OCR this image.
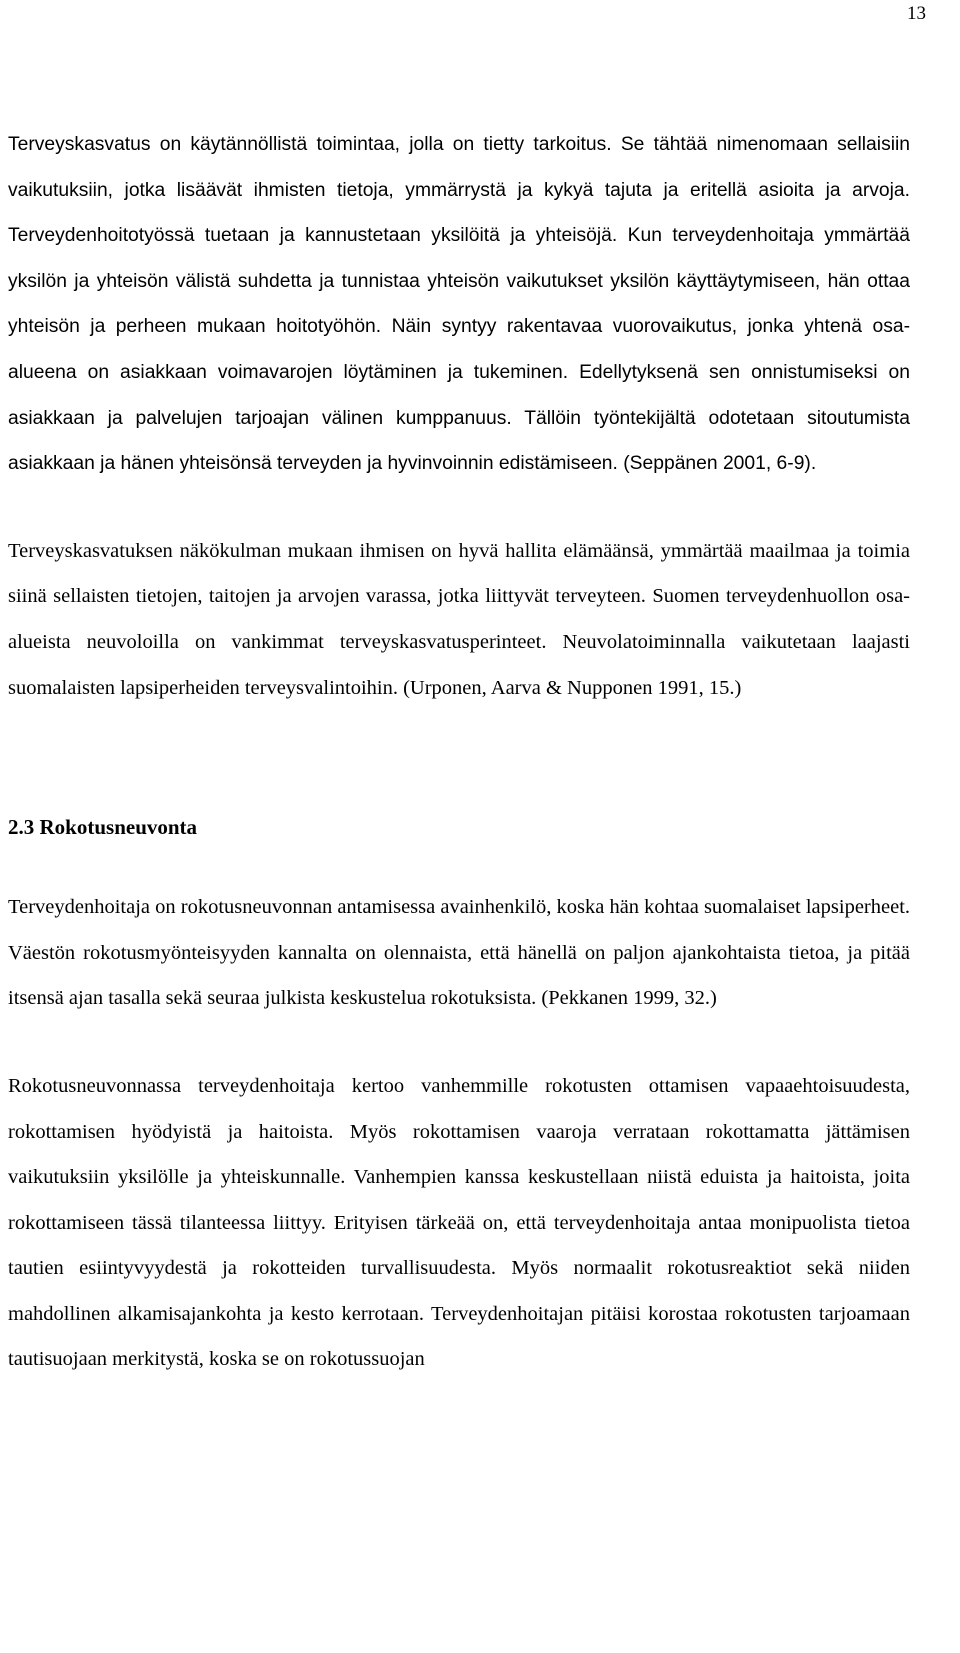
13

Terveyskasvatus on käytännöllistä toimintaa, jolla on tietty tarkoitus. Se tähtää nimenomaan sellaisiin vaikutuksiin, jotka lisäävät ihmisten tietoja, ymmärrystä ja kykyä tajuta ja eritellä asioita ja arvoja. Terveydenhoitotyössä tuetaan ja kannustetaan yksilöitä ja yhteisöjä. Kun terveydenhoitaja ymmärtää yksilön ja yhteisön välistä suhdetta ja tunnistaa yhteisön vaikutukset yksilön käyttäytymiseen, hän ottaa yhteisön ja perheen mukaan hoitotyöhön. Näin syntyy rakentavaa vuorovaikutus, jonka yhtenä osa-alueena on asiakkaan voimavarojen löytäminen ja tukeminen. Edellytyksenä sen onnistumiseksi on asiakkaan ja palvelujen tarjoajan välinen kumppanuus. Tällöin työntekijältä odotetaan sitoutumista asiakkaan ja hänen yhteisönsä terveyden ja hyvinvoinnin edistämiseen. (Seppänen 2001, 6-9).

Terveyskasvatuksen näkökulman mukaan ihmisen on hyvä hallita elämäänsä, ymmärtää maailmaa ja toimia siinä sellaisten tietojen, taitojen ja arvojen varassa, jotka liittyvät terveyteen. Suomen terveydenhuollon osa- alueista neuvoloilla on vankimmat terveyskasvatusperinteet. Neuvolatoiminnalla vaikutetaan laajasti suomalaisten lapsiperheiden terveysvalintoihin. (Urponen, Aarva & Nupponen 1991, 15.)

2.3 Rokotusneuvonta

Terveydenhoitaja on rokotusneuvonnan antamisessa avainhenkilö, koska hän kohtaa suomalaiset lapsiperheet. Väestön rokotusmyönteisyyden kannalta on olennaista, että hänellä on paljon ajankohtaista tietoa, ja pitää itsensä ajan tasalla sekä seuraa julkista keskustelua rokotuksista. (Pekkanen 1999, 32.)

Rokotusneuvonnassa terveydenhoitaja kertoo vanhemmille rokotusten ottamisen vapaaehtoisuudesta, rokottamisen hyödyistä ja haitoista. Myös rokottamisen vaaroja verrataan rokottamatta jättämisen vaikutuksiin yksilölle ja yhteiskunnalle. Vanhempien kanssa keskustellaan niistä eduista ja haitoista, joita rokottamiseen tässä tilanteessa liittyy. Erityisen tärkeää on, että terveydenhoitaja antaa monipuolista tietoa tautien esiintyvyydestä ja rokotteiden turvallisuudesta. Myös normaalit rokotusreaktiot sekä niiden mahdollinen alkamisajankohta ja kesto kerrotaan. Terveydenhoitajan pitäisi korostaa rokotusten tarjoamaan tautisuojaan merkitystä, koska se on rokotussuojan
